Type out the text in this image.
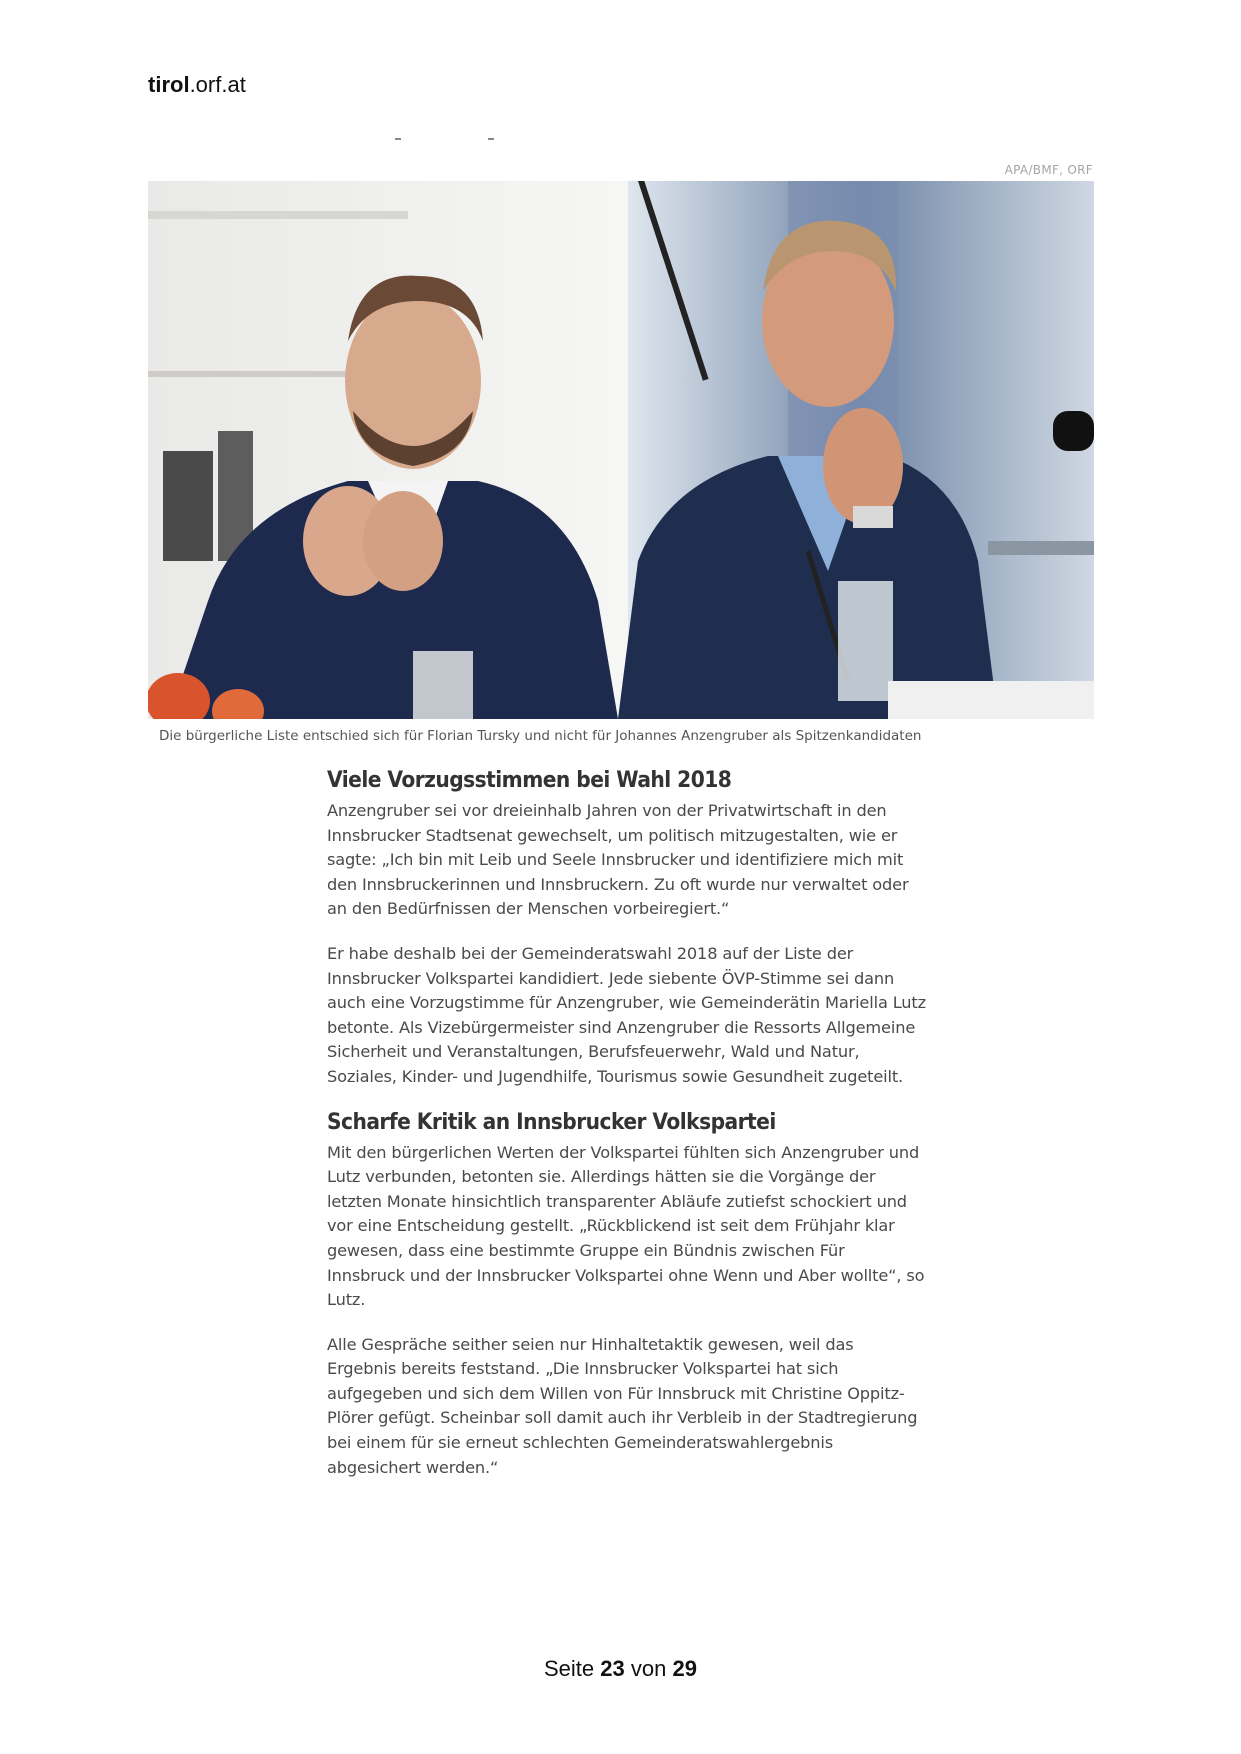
tirol.orf.at
APA/BMF, ORF
Die bürgerliche Liste entschied sich für Florian Tursky und nicht für Johannes Anzengruber als Spitzenkandidaten
Viele Vorzugsstimmen bei Wahl 2018

Anzengruber sei vor dreieinhalb Jahren von der Privatwirtschaft in den Innsbrucker Stadtsenat gewechselt, um politisch mitzugestalten, wie er sagte: „Ich bin mit Leib und Seele Innsbrucker und identifiziere mich mit den Innsbruckerinnen und Innsbruckern. Zu oft wurde nur verwaltet oder an den Bedürfnissen der Menschen vorbeiregiert.“

Er habe deshalb bei der Gemeinderatswahl 2018 auf der Liste der Innsbrucker Volkspartei kandidiert. Jede siebente ÖVP-Stimme sei dann auch eine Vorzugstimme für Anzengruber, wie Gemeinderätin Mariella Lutz betonte. Als Vizebürgermeister sind Anzengruber die Ressorts Allgemeine Sicherheit und Veranstaltungen, Berufsfeuerwehr, Wald und Natur, Soziales, Kinder- und Jugendhilfe, Tourismus sowie Gesundheit zugeteilt.

Scharfe Kritik an Innsbrucker Volkspartei

Mit den bürgerlichen Werten der Volkspartei fühlten sich Anzengruber und Lutz verbunden, betonten sie. Allerdings hätten sie die Vorgänge der letzten Monate hinsichtlich transparenter Abläufe zutiefst schockiert und vor eine Entscheidung gestellt. „Rückblickend ist seit dem Frühjahr klar gewesen, dass eine bestimmte Gruppe ein Bündnis zwischen Für Innsbruck und der Innsbrucker Volkspartei ohne Wenn und Aber wollte“, so Lutz.

Alle Gespräche seither seien nur Hinhaltetaktik gewesen, weil das Ergebnis bereits feststand. „Die Innsbrucker Volkspartei hat sich aufgegeben und sich dem Willen von Für Innsbruck mit Christine Oppitz-Plörer gefügt. Scheinbar soll damit auch ihr Verbleib in der Stadtregierung bei einem für sie erneut schlechten Gemeinderatswahlergebnis abgesichert werden.“

Seite 23 von 29
